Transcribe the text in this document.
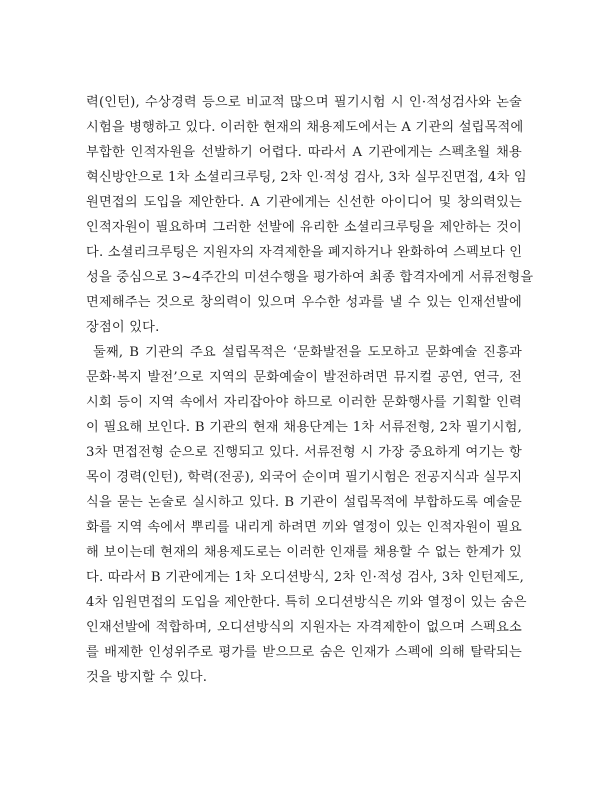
력(인턴), 수상경력 등으로 비교적 많으며 필기시험 시 인·적성검사와 논술
시험을 병행하고 있다. 이러한 현재의 채용제도에서는 A 기관의 설립목적에
부합한 인적자원을 선발하기 어렵다. 따라서 A 기관에게는 스펙초월 채용
혁신방안으로 1차 소셜리크루팅, 2차 인·적성 검사, 3차 실무진면접, 4차 임
원면접의 도입을 제안한다. A 기관에게는 신선한 아이디어 및 창의력있는
인적자원이 필요하며 그러한 선발에 유리한 소셜리크루팅을 제안하는 것이
다. 소셜리크루팅은 지원자의 자격제한을 폐지하거나 완화하여 스펙보다 인
성을 중심으로 3~4주간의 미션수행을 평가하여 최종 합격자에게 서류전형을
면제해주는 것으로 창의력이 있으며 우수한 성과를 낼 수 있는 인재선발에
장점이 있다.
둘째, B 기관의 주요 설립목적은 ‘문화발전을 도모하고 문화예술 진흥과
문화·복지 발전’으로 지역의 문화예술이 발전하려면 뮤지컬 공연, 연극, 전
시회 등이 지역 속에서 자리잡아야 하므로 이러한 문화행사를 기획할 인력
이 필요해 보인다. B 기관의 현재 채용단계는 1차 서류전형, 2차 필기시험,
3차 면접전형 순으로 진행되고 있다. 서류전형 시 가장 중요하게 여기는 항
목이 경력(인턴), 학력(전공), 외국어 순이며 필기시험은 전공지식과 실무지
식을 묻는 논술로 실시하고 있다. B 기관이 설립목적에 부합하도록 예술문
화를 지역 속에서 뿌리를 내리게 하려면 끼와 열정이 있는 인적자원이 필요
해 보이는데 현재의 채용제도로는 이러한 인재를 채용할 수 없는 한계가 있
다. 따라서 B 기관에게는 1차 오디션방식, 2차 인·적성 검사, 3차 인턴제도,
4차 임원면접의 도입을 제안한다. 특히 오디션방식은 끼와 열정이 있는 숨은
인재선발에 적합하며, 오디션방식의 지원자는 자격제한이 없으며 스펙요소
를 배제한 인성위주로 평가를 받으므로 숨은 인재가 스펙에 의해 탈락되는
것을 방지할 수 있다.
